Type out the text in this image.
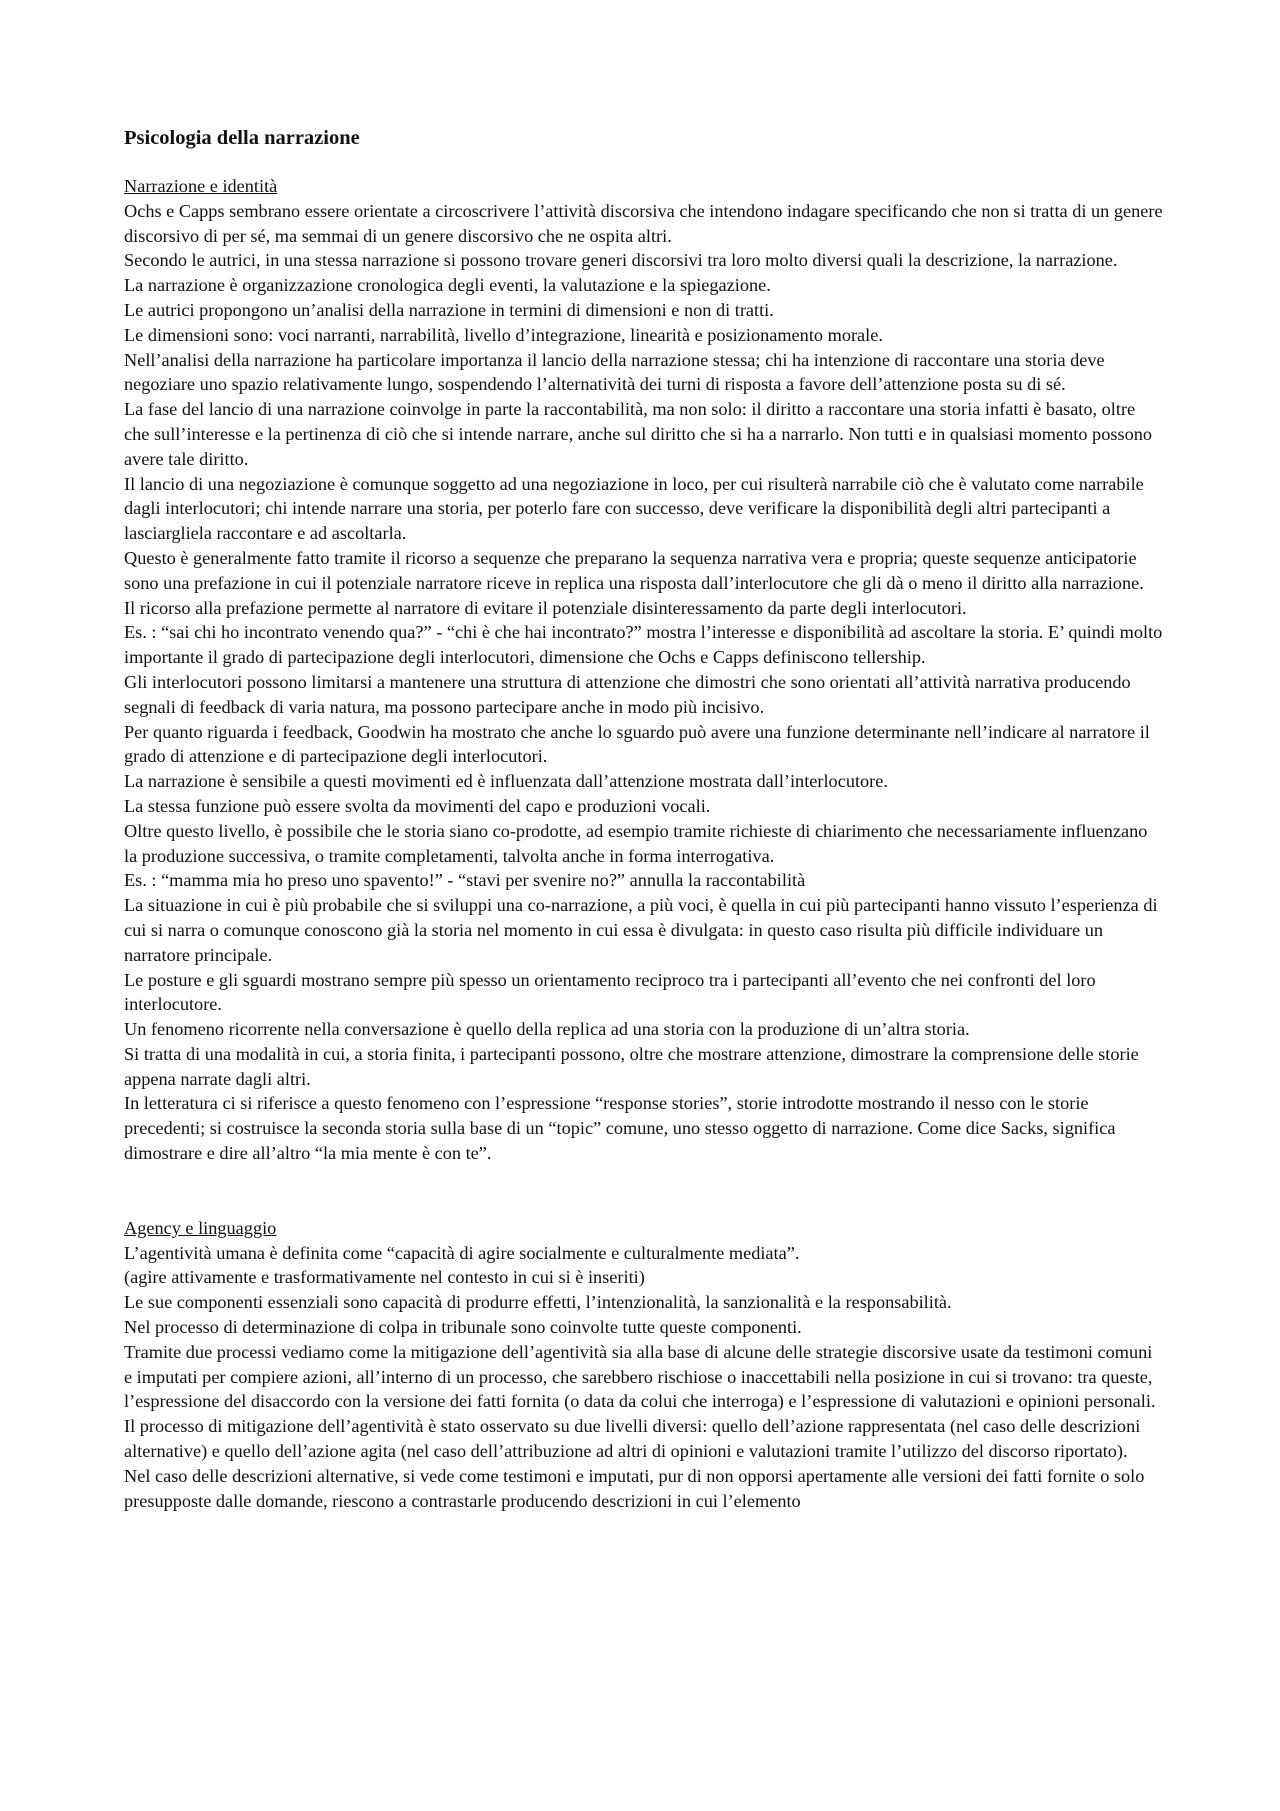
Psicologia della narrazione
Narrazione e identità

Ochs e Capps sembrano essere orientate a circoscrivere l’attività discorsiva che intendono indagare specificando che non si tratta di un genere discorsivo di per sé, ma semmai di un genere discorsivo che ne ospita altri.

Secondo le autrici, in una stessa narrazione si possono trovare generi discorsivi tra loro molto diversi quali la descrizione, la narrazione.

La narrazione è organizzazione cronologica degli eventi, la valutazione e la spiegazione.

Le autrici propongono un’analisi della narrazione in termini di dimensioni e non di tratti.

Le dimensioni sono: voci narranti, narrabilità, livello d’integrazione, linearità e posizionamento morale.

Nell’analisi della narrazione ha particolare importanza il lancio della narrazione stessa; chi ha intenzione di raccontare una storia deve negoziare uno spazio relativamente lungo, sospendendo l’alternatività dei turni di risposta a favore dell’attenzione posta su di sé.

La fase del lancio di una narrazione coinvolge in parte la raccontabilità, ma non solo: il diritto a raccontare una storia infatti è basato, oltre che sull’interesse e la pertinenza di ciò che si intende narrare, anche sul diritto che si ha a narrarlo. Non tutti e in qualsiasi momento possono avere tale diritto.

Il lancio di una negoziazione è comunque soggetto ad una negoziazione in loco, per cui risulterà narrabile ciò che è valutato come narrabile dagli interlocutori; chi intende narrare una storia, per poterlo fare con successo, deve verificare la disponibilità degli altri partecipanti a lasciargliela raccontare e ad ascoltarla.

Questo è generalmente fatto tramite il ricorso a sequenze che preparano la sequenza narrativa vera e propria; queste sequenze anticipatorie sono una prefazione in cui il potenziale narratore riceve in replica una risposta dall’interlocutore che gli dà o meno il diritto alla narrazione.

Il ricorso alla prefazione permette al narratore di evitare il potenziale disinteressamento da parte degli interlocutori.

Es. : “sai chi ho incontrato venendo qua?” - “chi è che hai incontrato?” mostra l’interesse e disponibilità ad ascoltare la storia. E’ quindi molto importante il grado di partecipazione degli interlocutori, dimensione che Ochs e Capps definiscono tellership.

Gli interlocutori possono limitarsi a mantenere una struttura di attenzione che dimostri che sono orientati all’attività narrativa producendo segnali di feedback di varia natura, ma possono partecipare anche in modo più incisivo.

Per quanto riguarda i feedback, Goodwin ha mostrato che anche lo sguardo può avere una funzione determinante nell’indicare al narratore il grado di attenzione e di partecipazione degli interlocutori.

La narrazione è sensibile a questi movimenti ed è influenzata dall’attenzione mostrata dall’interlocutore.

La stessa funzione può essere svolta da movimenti del capo e produzioni vocali.

Oltre questo livello, è possibile che le storia siano co-prodotte, ad esempio tramite richieste di chiarimento che necessariamente influenzano la produzione successiva, o tramite completamenti, talvolta anche in forma interrogativa.

Es. : “mamma mia ho preso uno spavento!” - “stavi per svenire no?” annulla la raccontabilità

La situazione in cui è più probabile che si sviluppi una co-narrazione, a più voci, è quella in cui più partecipanti hanno vissuto l’esperienza di cui si narra o comunque conoscono già la storia nel momento in cui essa è divulgata: in questo caso risulta più difficile individuare un narratore principale.

Le posture e gli sguardi mostrano sempre più spesso un orientamento reciproco tra i partecipanti all’evento che nei confronti del loro interlocutore.

Un fenomeno ricorrente nella conversazione è quello della replica ad una storia con la produzione di un’altra storia.

Si tratta di una modalità in cui, a storia finita, i partecipanti possono, oltre che mostrare attenzione, dimostrare la comprensione delle storie appena narrate dagli altri.

In letteratura ci si riferisce a questo fenomeno con l’espressione “response stories”, storie introdotte mostrando il nesso con le storie precedenti; si costruisce la seconda storia sulla base di un “topic” comune, uno stesso oggetto di narrazione. Come dice Sacks, significa dimostrare e dire all’altro “la mia mente è con te”.

Agency e linguaggio

L’agentività umana è definita come “capacità di agire socialmente e culturalmente mediata”.

(agire attivamente e trasformativamente nel contesto in cui si è inseriti)

Le sue componenti essenziali sono capacità di produrre effetti, l’intenzionalità, la sanzionalità e la responsabilità.

Nel processo di determinazione di colpa in tribunale sono coinvolte tutte queste componenti.

Tramite due processi vediamo come la mitigazione dell’agentività sia alla base di alcune delle strategie discorsive usate da testimoni comuni e imputati per compiere azioni, all’interno di un processo, che sarebbero rischiose o inaccettabili nella posizione in cui si trovano: tra queste, l’espressione del disaccordo con la versione dei fatti fornita (o data da colui che interroga) e l’espressione di valutazioni e opinioni personali.

Il processo di mitigazione dell’agentività è stato osservato su due livelli diversi: quello dell’azione rappresentata (nel caso delle descrizioni alternative) e quello dell’azione agita (nel caso dell’attribuzione ad altri di opinioni e valutazioni tramite l’utilizzo del discorso riportato).

Nel caso delle descrizioni alternative, si vede come testimoni e imputati, pur di non opporsi apertamente alle versioni dei fatti fornite o solo presupposte dalle domande, riescono a contrastarle producendo descrizioni in cui l’elemento
